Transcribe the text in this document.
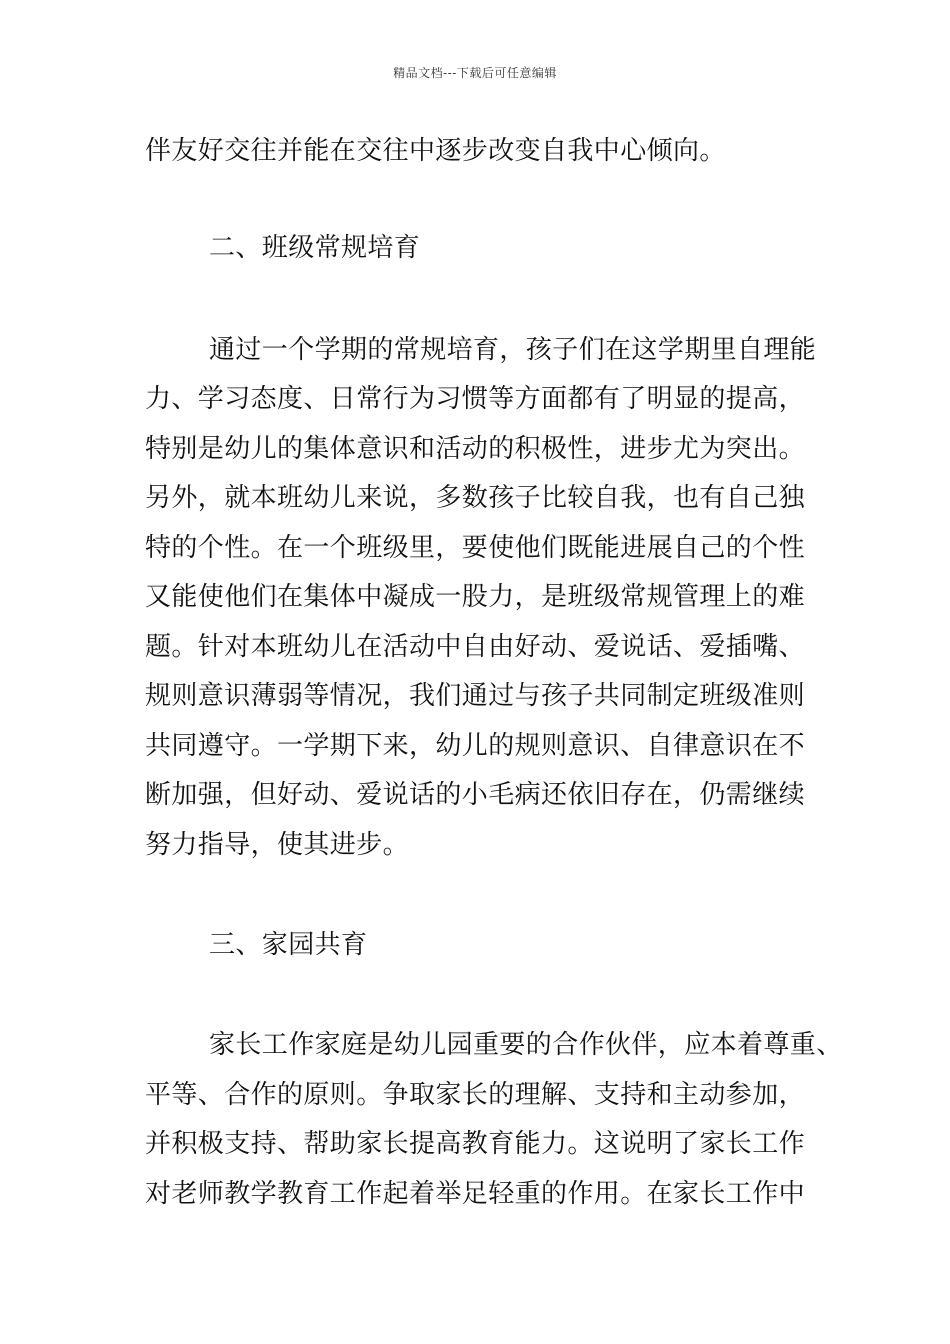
精品文档---下载后可任意编辑
伴友好交往并能在交往中逐步改变自我中心倾向。
二、班级常规培育
通过一个学期的常规培育，孩子们在这学期里自理能
力、学习态度、日常行为习惯等方面都有了明显的提高，
特别是幼儿的集体意识和活动的积极性，进步尤为突出。
另外，就本班幼儿来说，多数孩子比较自我，也有自己独
特的个性。在一个班级里，要使他们既能进展自己的个性
又能使他们在集体中凝成一股力，是班级常规管理上的难
题。针对本班幼儿在活动中自由好动、爱说话、爱插嘴、
规则意识薄弱等情况，我们通过与孩子共同制定班级准则
共同遵守。一学期下来，幼儿的规则意识、自律意识在不
断加强，但好动、爱说话的小毛病还依旧存在，仍需继续
努力指导，使其进步。
三、家园共育
家长工作家庭是幼儿园重要的合作伙伴，应本着尊重、
平等、合作的原则。争取家长的理解、支持和主动参加，
并积极支持、帮助家长提高教育能力。这说明了家长工作
对老师教学教育工作起着举足轻重的作用。在家长工作中
